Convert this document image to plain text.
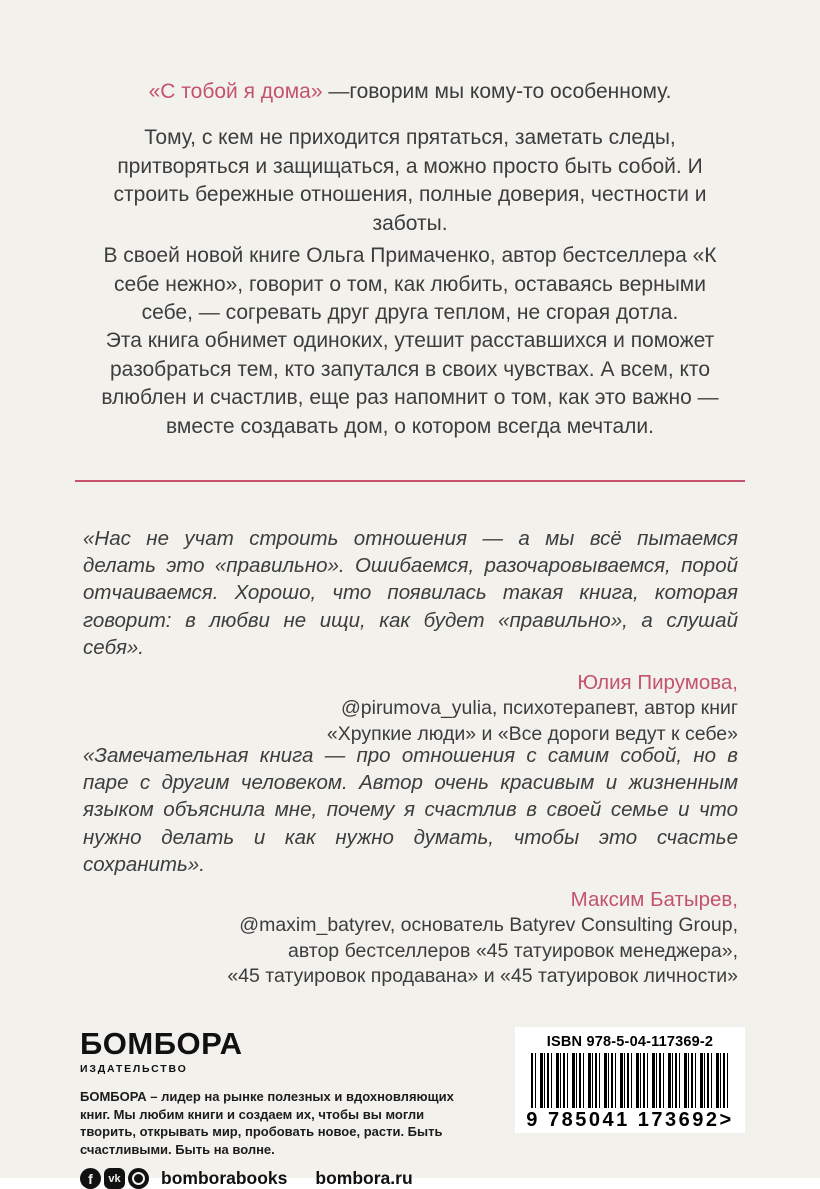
«С тобой я дома» —говорим мы кому-то особенному.

Тому, с кем не приходится прятаться, заметать следы, притворяться и защищаться, а можно просто быть собой. И строить бережные отношения, полные доверия, честности и заботы.

В своей новой книге Ольга Примаченко, автор бестселлера «К себе нежно», говорит о том, как любить, оставаясь верными себе, — согревать друг друга теплом, не сгорая дотла.

Эта книга обнимет одиноких, утешит расставшихся и поможет разобраться тем, кто запутался в своих чувствах. А всем, кто влюблен и счастлив, еще раз напомнит о том, как это важно — вместе создавать дом, о котором всегда мечтали.

«Нас не учат строить отношения — а мы всё пытаемся делать это «правильно». Ошибаемся, разочаровываемся, порой отчаиваемся. Хорошо, что появилась такая книга, которая говорит: в любви не ищи, как будет «правильно», а слушай себя».

Юлия Пирумова,
@pirumova_yulia, психотерапевт, автор книг
«Хрупкие люди» и «Все дороги ведут к себе»

«Замечательная книга — про отношения с самим собой, но в паре с другим человеком. Автор очень красивым и жизненным языком объяснила мне, почему я счастлив в своей семье и что нужно делать и как нужно думать, чтобы это счастье сохранить».

Максим Батырев,
@maxim_batyrev, основатель Batyrev Consulting Group,
автор бестселлеров «45 татуировок менеджера»,
«45 татуировок продавана» и «45 татуировок личности»
БОМБОРА
ИЗДАТЕЛЬСТВО
БОМБОРА – лидер на рынке полезных и вдохновляющих книг. Мы любим книги и создаем их, чтобы вы могли творить, открывать мир, пробовать новое, расти. Быть счастливыми. Быть на волне.
f	vk bomborabooks bombora.ru
ISBN 978-5-04-117369-2
9 785041 173692>
